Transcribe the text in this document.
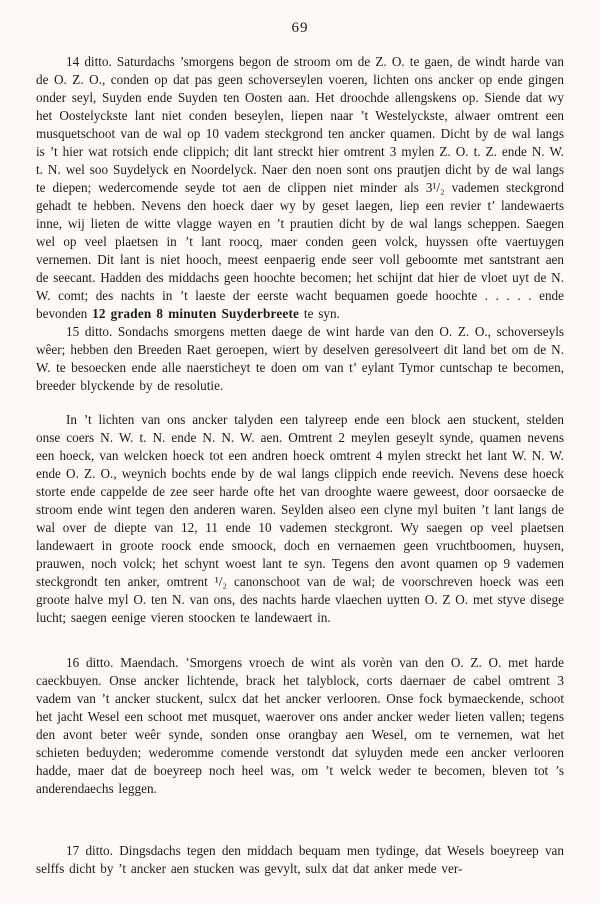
69

14 ditto. Saturdachs ’smorgens begon de stroom om de Z. O. te gaen, de windt harde van de O. Z. O., conden op dat pas geen schoverseylen voeren, lichten ons ancker op ende gingen onder seyl, Suyden ende Suyden ten Oosten aan. Het droochde allengskens op. Siende dat wy het Oostelyckste lant niet conden beseylen, liepen naar ’t Westelyckste, alwaer omtrent een musquetschoot van de wal op 10 vadem steckgrond ten ancker quamen. Dicht by de wal langs is ’t hier wat rotsich ende clippich; dit lant streckt hier omtrent 3 mylen Z. O. t. Z. ende N. W. t. N. wel soo Suydelyck en Noordelyck. Naer den noen sont ons prautjen dicht by de wal langs te diepen; wedercomende seyde tot aen de clippen niet minder als 3¹/₂ vademen steckgrond gehadt te hebben. Nevens den hoeck daer wy by geset laegen, liep een revier t’ landewaerts inne, wij lieten de witte vlagge wayen en ’t prautien dicht by de wal langs scheppen. Saegen wel op veel plaetsen in ’t lant roocq, maer conden geen volck, huyssen ofte vaertuygen vernemen. Dit lant is niet hooch, meest eenpaerig ende seer voll geboomte met santstrant aen de seecant. Hadden des middachs geen hoochte becomen; het schijnt dat hier de vloet uyt de N. W. comt; des nachts in ’t laeste der eerste wacht bequamen goede hoochte . . . . . ende bevonden 12 graden 8 minuten Suyderbreete te syn.

15 ditto. Sondachs smorgens metten daege de wint harde van den O. Z. O., schoverseyls wêer; hebben den Breeden Raet geroepen, wiert by deselven geresolveert dit land bet om de N. W. te besoecken ende alle naersticheyt te doen om van t’ eylant Tymor cuntschap te becomen, breeder blyckende by de resolutie.

In ’t lichten van ons ancker talyden een talyreep ende een block aen stuckent, stelden onse coers N. W. t. N. ende N. N. W. aen. Omtrent 2 meylen geseylt synde, quamen nevens een hoeck, van welcken hoeck tot een andren hoeck omtrent 4 mylen streckt het lant W. N. W. ende O. Z. O., weynich bochts ende by de wal langs clippich ende reevich. Nevens dese hoeck storte ende cappelde de zee seer harde ofte het van drooghte waere geweest, door oorsaecke de stroom ende wint tegen den anderen waren. Seylden alseo een clyne myl buiten ’t lant langs de wal over de diepte van 12, 11 ende 10 vademen steckgront. Wy saegen op veel plaetsen landewaert in groote roock ende smoock, doch en vernaemen geen vruchtboomen, huysen, prauwen, noch volck; het schynt woest lant te syn. Tegens den avont quamen op 9 vademen steckgrondt ten anker, omtrent ¹/₂ canonschoot van de wal; de voorschreven hoeck was een groote halve myl O. ten N. van ons, des nachts harde vlaechen uytten O. Z O. met styve disege lucht; saegen eenige vieren stoocken te landewaert in.

16 ditto. Maendach. ’Smorgens vroech de wint als vorèn van den O. Z. O. met harde caeckbuyen. Onse ancker lichtende, brack het talyblock, corts daernaer de cabel omtrent 3 vadem van ’t ancker stuckent, sulcx dat het ancker verlooren. Onse fock bymaeckende, schoot het jacht Wesel een schoot met musquet, waerover ons ander ancker weder lieten vallen; tegens den avont beter weêr synde, sonden onse orangbay aen Wesel, om te vernemen, wat het schieten beduyden; wederomme comende verstondt dat syluyden mede een ancker verlooren hadde, maer dat de boeyreep noch heel was, om ’t welck weder te becomen, bleven tot ’s anderendaechs leggen.

17 ditto. Dingsdachs tegen den middach bequam men tydinge, dat Wesels boeyreep van selffs dicht by ’t ancker aen stucken was gevylt, sulx dat dat anker mede ver-
